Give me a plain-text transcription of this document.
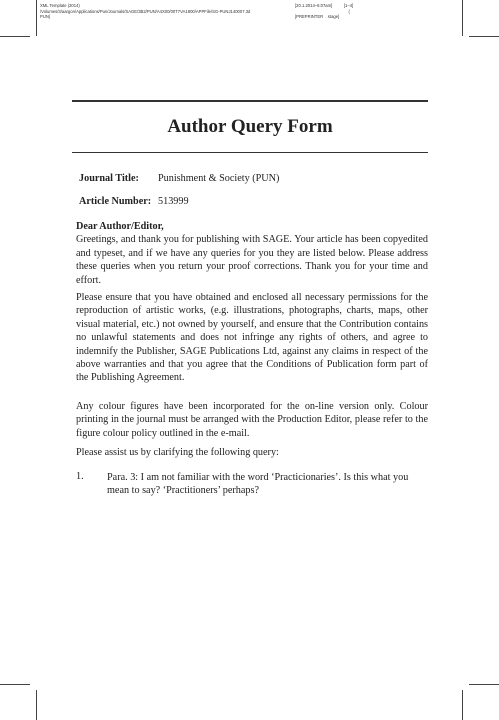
XML Template (2014)
/Volumes/3/aargon/Applications/Pun/Journals/SAGE/3B2/PUN/A4X00/00T7VA1800/APPFile/SG-PUNJ140007.3d
PUN)
[20.1.2014–6:07am]          [1–4]
(
[PREPRINTER    stage]
Author Query Form
Journal Title: Punishment & Society (PUN)
Article Number: 513999
Dear Author/Editor,
Greetings, and thank you for publishing with SAGE. Your article has been copyedited and typeset, and if we have any queries for you they are listed below. Please address these queries when you return your proof corrections. Thank you for your time and effort.
Please ensure that you have obtained and enclosed all necessary permissions for the reproduction of artistic works, (e.g. illustrations, photographs, charts, maps, other visual material, etc.) not owned by yourself, and ensure that the Contribution contains no unlawful statements and does not infringe any rights of others, and agree to indemnify the Publisher, SAGE Publications Ltd, against any claims in respect of the above warranties and that you agree that the Conditions of Publication form part of the Publishing Agreement.
Any colour figures have been incorporated for the on-line version only. Colour printing in the journal must be arranged with the Production Editor, please refer to the figure colour policy outlined in the e-mail.
Please assist us by clarifying the following query:
1. Para. 3: I am not familiar with the word ‘Practicionaries’. Is this what you mean to say? ‘Practitioners’ perhaps?
